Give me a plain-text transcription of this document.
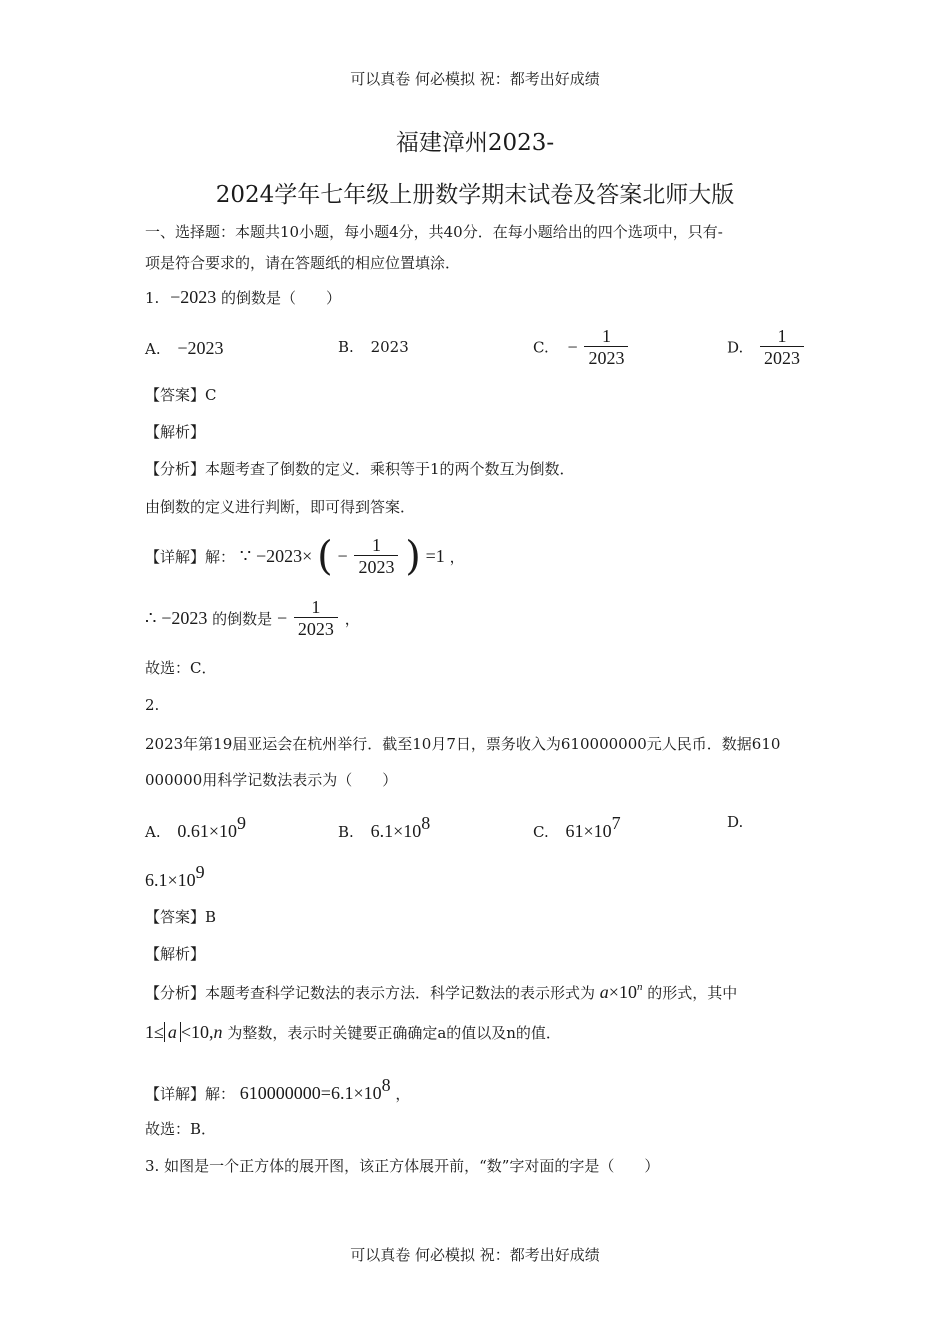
可以真卷 何必模拟 祝：都考出好成绩
福建漳州2023-
2024学年七年级上册数学期末试卷及答案北师大版
一、选择题：本题共10小题，每小题4分，共40分．在每小题给出的四个选项中，只有-
项是符合要求的，请在答题纸的相应位置填涂．
1. −2023 的倒数是（　　）
A. −2023	B. 2023	C. − $\frac{1}{2023}$	D. $\frac{1}{2023}$
【答案】C
【解析】
【分析】本题考查了倒数的定义．乘积等于1的两个数互为倒数．
由倒数的定义进行判断，即可得到答案．
【详解】解： ∵ −2023× ( − $\frac{1}{2023}$ ) =1 ，
∴ −2023 的倒数是 − $\frac{1}{2023}$ ，
故选：C．
2.
2023年第19届亚运会在杭州举行．截至10月7日，票务收入为610000000元人民币．数据610
000000用科学记数法表示为（　　）
A. $0.61\times 10^9$	B. $6.1\times 10^8$	C. $61\times 10^7$	D.
$6.1\times 10^9$
【答案】B
【解析】
【分析】本题考查科学记数法的表示方法．科学记数法的表示形式为 $a\times 10^n$ 的形式，其中
1≤ a <10,n 为整数，表示时关键要正确确定a的值以及n的值．
【详解】解： $610000000=6.1\times 10^8$ ，
故选：B．
3. 如图是一个正方体的展开图，该正方体展开前，“数”字对面的字是（　　）
可以真卷 何必模拟 祝：都考出好成绩
